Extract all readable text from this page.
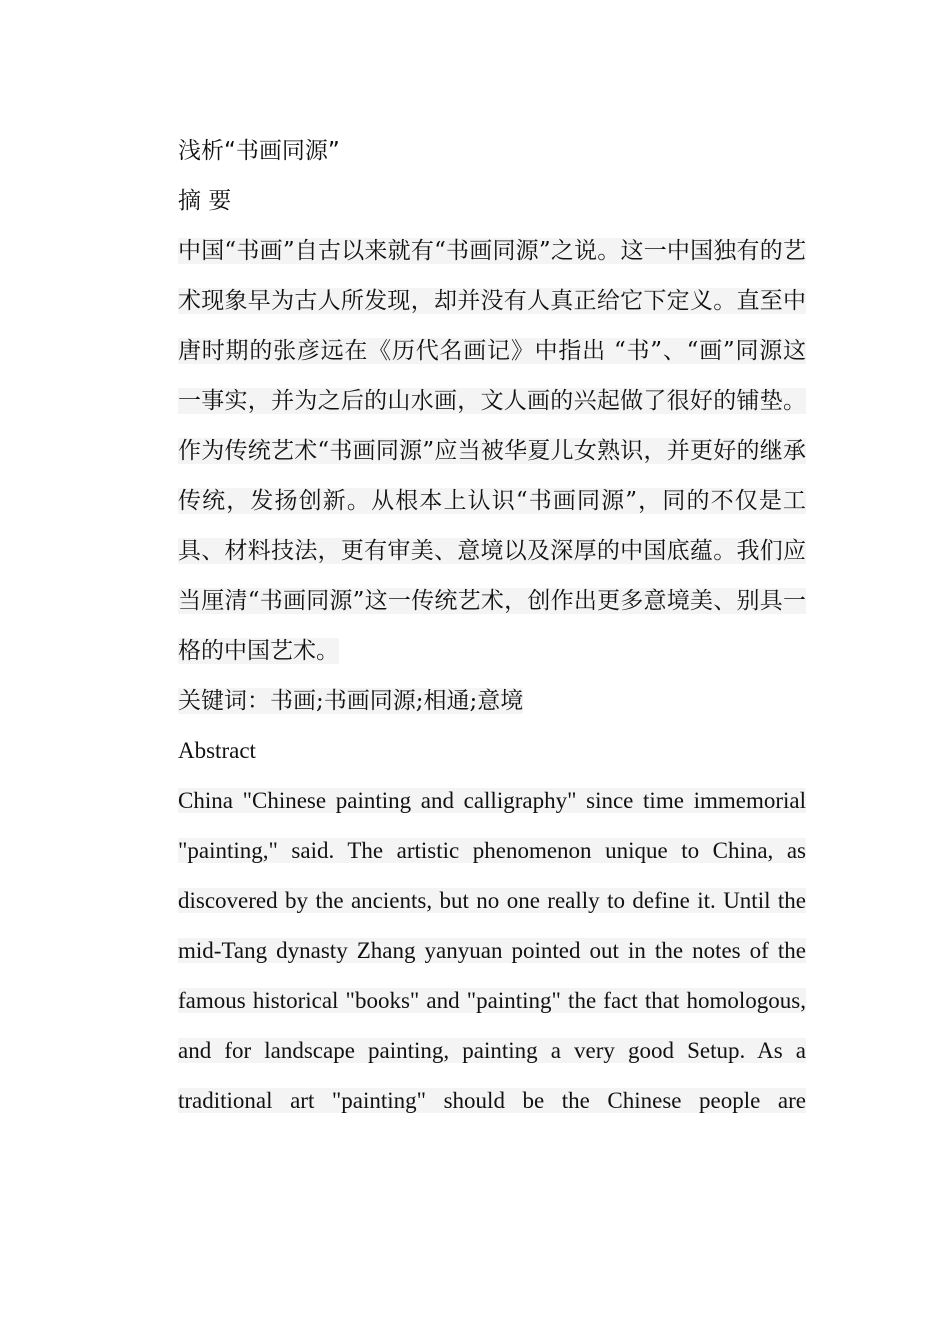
浅析“书画同源”

摘 要

中国“书画”自古以来就有“书画同源”之说。这一中国独有的艺术现象早为古人所发现，却并没有人真正给它下定义。直至中唐时期的张彦远在《历代名画记》中指出 “书”、“画”同源这一事实，并为之后的山水画，文人画的兴起做了很好的铺垫。作为传统艺术“书画同源”应当被华夏儿女熟识，并更好的继承传统，发扬创新。从根本上认识“书画同源”，同的不仅是工具、材料技法，更有审美、意境以及深厚的中国底蕴。我们应当厘清“书画同源”这一传统艺术，创作出更多意境美、别具一格的中国艺术。

关键词：书画;书画同源;相通;意境

Abstract

China "Chinese painting and calligraphy" since time immemorial "painting," said. The artistic phenomenon unique to China, as discovered by the ancients, but no one really to define it. Until the mid-Tang dynasty Zhang yanyuan pointed out in the notes of the famous historical "books" and "painting" the fact that homologous, and for landscape painting, painting a very good Setup. As a traditional art "painting" should be the Chinese people are
